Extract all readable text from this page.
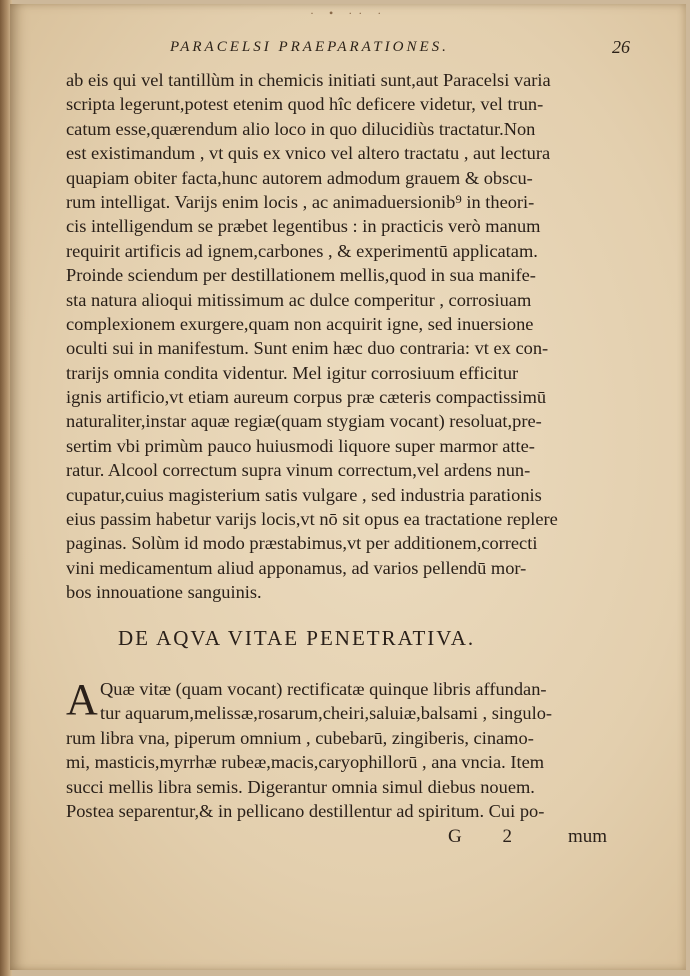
· • ·· ·
PARACELSI PRAEPARATIONES.	26
ab eis qui vel tantillùm in chemicis initiati sunt,aut Paracelsi varia
scripta legerunt,potest etenim quod hîc deficere videtur, vel trun-
catum esse,quærendum alio loco in quo dilucidiùs tractatur.Non
est existimandum , vt quis ex vnico vel altero tractatu , aut lectura
quapiam obiter facta,hunc autorem admodum grauem & obscu-
rum intelligat. Varijs enim locis , ac animaduersionib⁹ in theori-
cis intelligendum se præbet legentibus : in practicis verò manum
requirit artificis ad ignem,carbones , & experimentū applicatam.
Proinde sciendum per destillationem mellis,quod in sua manife-
sta natura alioqui mitissimum ac dulce comperitur , corrosiuam
complexionem exurgere,quam non acquirit igne, sed inuersione
oculti sui in manifestum. Sunt enim hæc duo contraria: vt ex con-
trarijs omnia condita videntur. Mel igitur corrosiuum efficitur
ignis artificio,vt etiam aureum corpus præ cæteris compactissimū
naturaliter,instar aquæ regiæ(quam stygiam vocant) resoluat,pre-
sertim vbi primùm pauco huiusmodi liquore super marmor atte-
ratur. Alcool correctum supra vinum correctum,vel ardens nun-
cupatur,cuius magisterium satis vulgare , sed industria parationis
eius passim habetur varijs locis,vt nō sit opus ea tractatione replere
paginas. Solùm id modo præstabimus,vt per additionem,correcti
vini medicamentum aliud apponamus, ad varios pellendū mor-
bos innouatione sanguinis.
DE AQVA VITAE PENETRATIVA.
A Quæ vitæ (quam vocant) rectificatæ quinque libris affundan-
tur aquarum,melissæ,rosarum,cheiri,saluiæ,balsami , singulo-
rum libra vna, piperum omnium , cubebarū, zingiberis, cinamo-
mi, masticis,myrrhæ rubeæ,macis,caryophillorū , ana vncia. Item
succi mellis libra semis. Digerantur omnia simul diebus nouem.
Postea separentur,& in pellicano destillentur ad spiritum. Cui po-
G 2 mum
